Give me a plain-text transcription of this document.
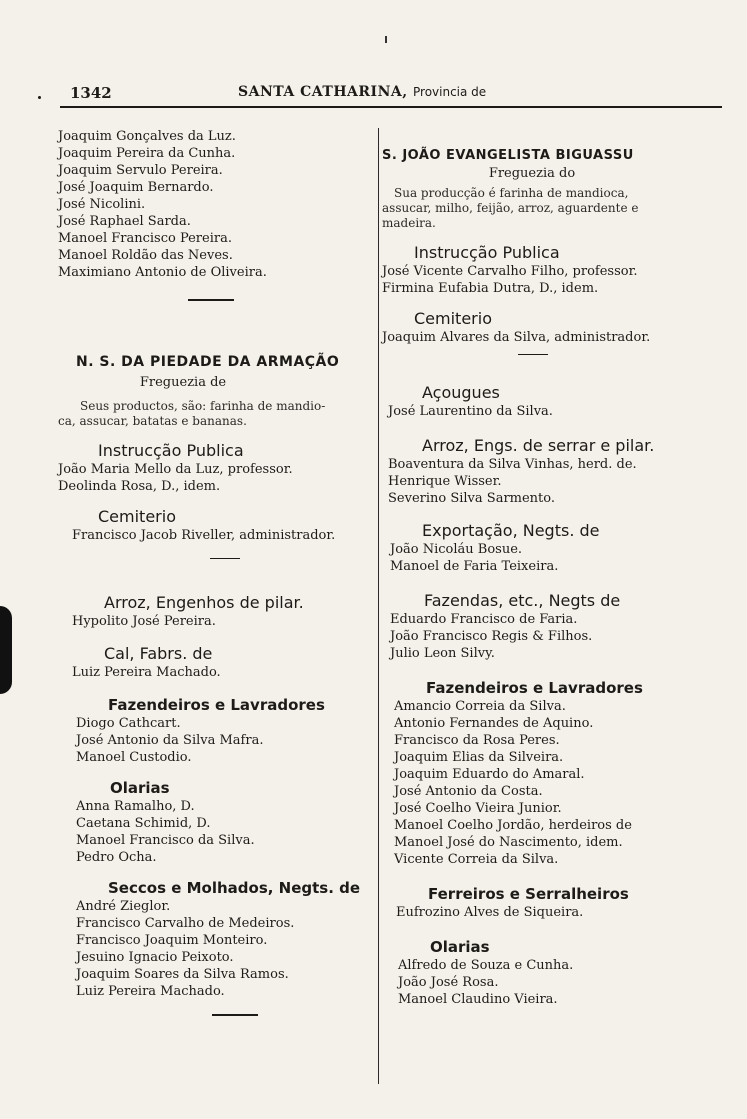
1342	SANTA CATHARINA, Provincia de
Joaquim Gonçalves da Luz.
Joaquim Pereira da Cunha.
Joaquim Servulo Pereira.
José Joaquim Bernardo.
José Nicolini.
José Raphael Sarda.
Manoel Francisco Pereira.
Manoel Roldão das Neves.
Maximiano Antonio de Oliveira.
N. S. DA PIEDADE DA ARMAÇÃO
Freguezia de
Seus productos, são: farinha de mandio-
ca, assucar, batatas e bananas.
Instrucção Publica
João Maria Mello da Luz, professor.
Deolinda Rosa, D., idem.
Cemiterio
Francisco Jacob Riveller, administrador.
Arroz, Engenhos de pilar.
Hypolito José Pereira.
Cal, Fabrs. de
Luiz Pereira Machado.
Fazendeiros e Lavradores
Diogo Cathcart.
José Antonio da Silva Mafra.
Manoel Custodio.
Olarias
Anna Ramalho, D.
Caetana Schimid, D.
Manoel Francisco da Silva.
Pedro Ocha.
Seccos e Molhados, Negts. de
André Zieglor.
Francisco Carvalho de Medeiros.
Francisco Joaquim Monteiro.
Jesuino Ignacio Peixoto.
Joaquim Soares da Silva Ramos.
Luiz Pereira Machado.
S. JOÃO EVANGELISTA BIGUASSU
Freguezia do
Sua producção é farinha de mandioca,
assucar, milho, feijão, arroz, aguardente e
madeira.
Instrucção Publica
José Vicente Carvalho Filho, professor.
Firmina Eufabia Dutra, D., idem.
Cemiterio
Joaquim Alvares da Silva, administrador.
Açougues
José Laurentino da Silva.
Arroz, Engs. de serrar e pilar.
Boaventura da Silva Vinhas, herd. de.
Henrique Wisser.
Severino Silva Sarmento.
Exportação, Negts. de
João Nicoláu Bosue.
Manoel de Faria Teixeira.
Fazendas, etc., Negts de
Eduardo Francisco de Faria.
João Francisco Regis & Filhos.
Julio Leon Silvy.
Fazendeiros e Lavradores
Amancio Correia da Silva.
Antonio Fernandes de Aquino.
Francisco da Rosa Peres.
Joaquim Elias da Silveira.
Joaquim Eduardo do Amaral.
José Antonio da Costa.
José Coelho Vieira Junior.
Manoel Coelho Jordão, herdeiros de
Manoel José do Nascimento, idem.
Vicente Correia da Silva.
Ferreiros e Serralheiros
Eufrozino Alves de Siqueira.
Olarias
Alfredo de Souza e Cunha.
João José Rosa.
Manoel Claudino Vieira.
